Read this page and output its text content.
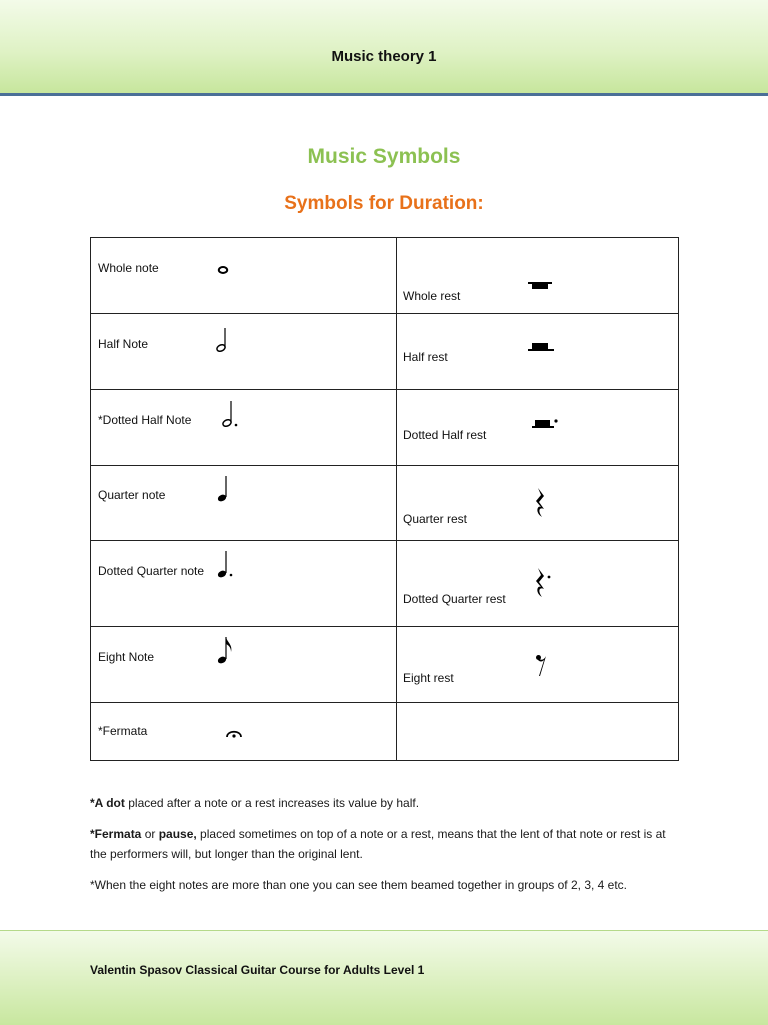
Music theory 1
Music Symbols
Symbols for Duration:
Whole note	Whole rest

Half Note	Half rest

*Dotted Half Note	Dotted Half rest

Quarter note	Quarter rest

Dotted Quarter note	Dotted Quarter rest

Eight Note	Eight rest

*Fermata	

*A dot placed after a note or a rest increases its value by half.

*Fermata or pause, placed sometimes on top of a note or a rest, means that the lent of that note or rest is at the performers will, but longer than the original lent.

*When the eight notes are more than one you can see them beamed together in groups of 2, 3, 4 etc.

Valentin Spasov Classical Guitar Course for Adults Level 1
